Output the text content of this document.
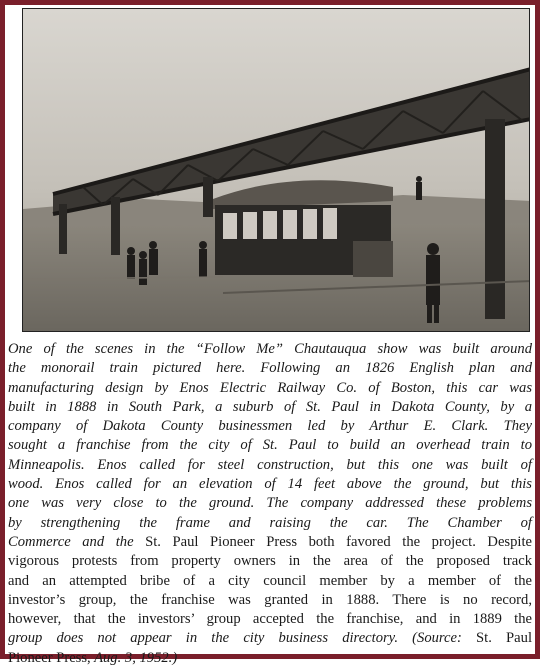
One of the scenes in the “Follow Me” Chautauqua show was built around
the monorail train pictured here. Following an 1826 English plan and
manufacturing design by Enos Electric Railway Co. of Boston, this car was
built in 1888 in South Park, a suburb of St. Paul in Dakota County, by a
company of Dakota County businessmen led by Arthur E. Clark. They
sought a franchise from the city of St. Paul to build an overhead train to
Minneapolis. Enos called for steel construction, but this one was built of
wood. Enos called for an elevation of 14 feet above the ground, but this
one was very close to the ground. The company addressed these problems
by strengthening the frame and raising the car. The Chamber of
Commerce and the St. Paul Pioneer Press both favored the project. Despite
vigorous protests from property owners in the area of the proposed track
and an attempted bribe of a city council member by a member of the
investor’s group, the franchise was granted in 1888. There is no record,
however, that the investors’ group accepted the franchise, and in 1889 the
group does not appear in the city business directory. (Source: St. Paul
Pioneer Press, Aug. 3, 1952.)
